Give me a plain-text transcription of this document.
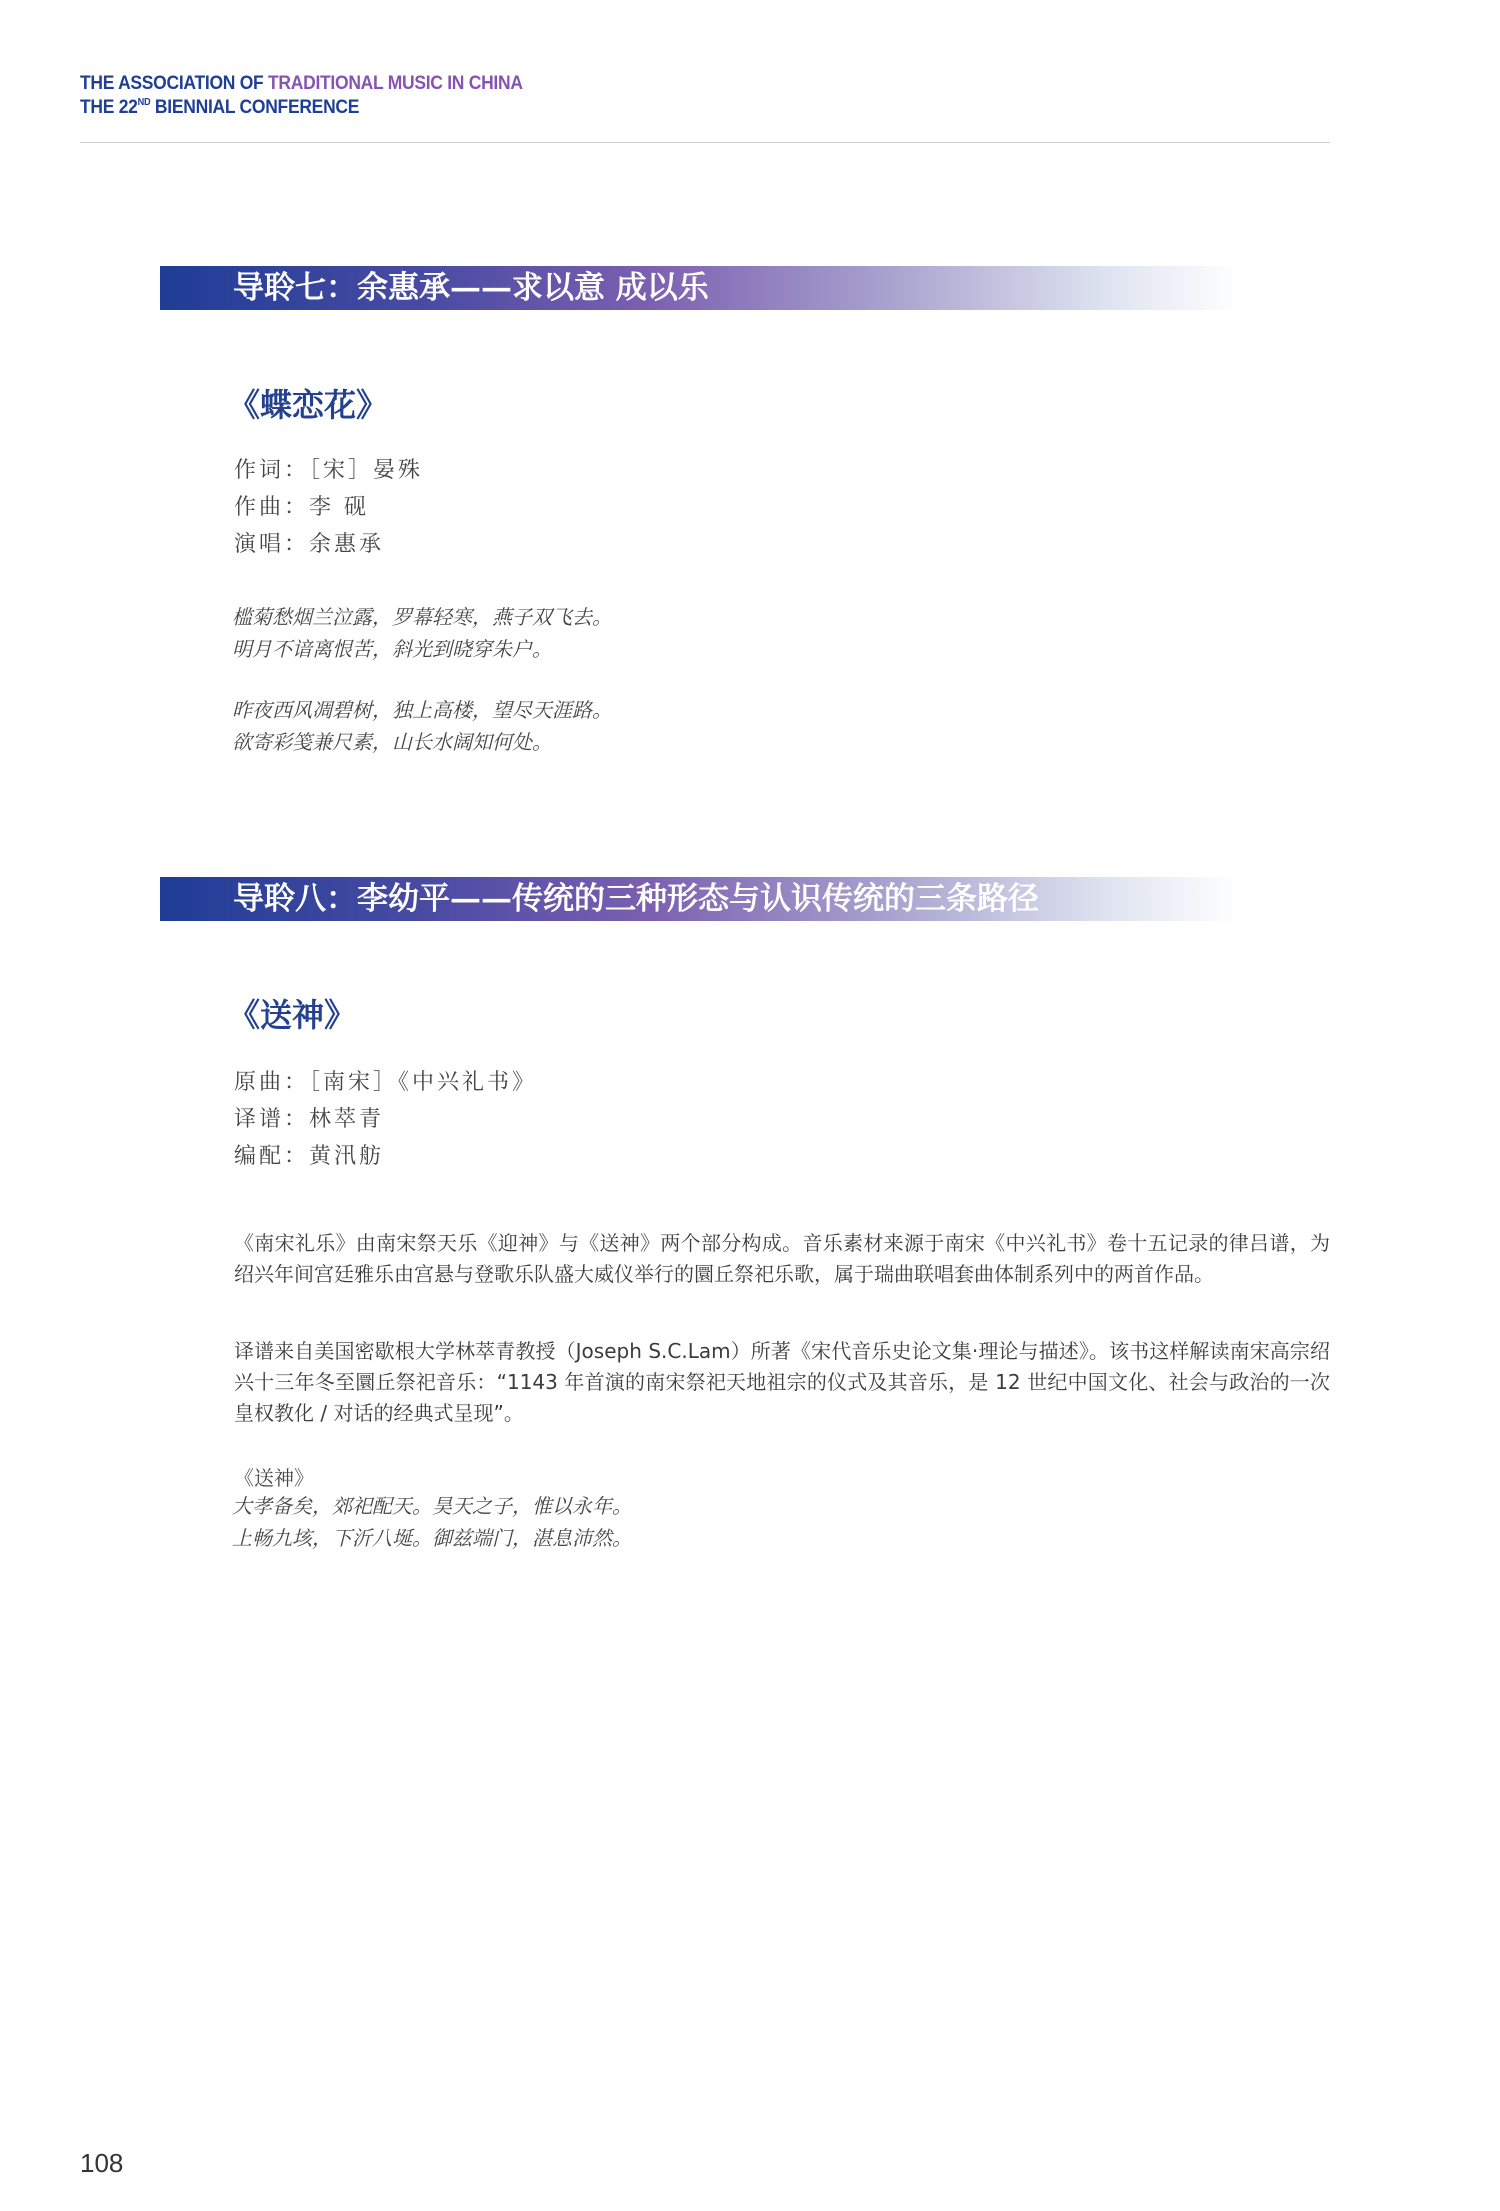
THE ASSOCIATION OF TRADITIONAL MUSIC IN CHINA
THE 22ND BIENNIAL CONFERENCE
导聆七：余惠承——求以意 成以乐
《蝶恋花》
作词：［宋］晏殊
作曲：李 砚
演唱：余惠承
槛菊愁烟兰泣露，罗幕轻寒，燕子双飞去。
明月不谙离恨苦，斜光到晓穿朱户。
昨夜西风凋碧树，独上高楼，望尽天涯路。
欲寄彩笺兼尺素，山长水阔知何处。
导聆八：李幼平——传统的三种形态与认识传统的三条路径
《送神》
原曲：［南宋］《中兴礼书》
译谱：林萃青
编配：黄汛舫

《南宋礼乐》由南宋祭天乐《迎神》与《送神》两个部分构成。音乐素材来源于南宋《中兴礼书》卷十五记录的律吕谱，为绍兴年间宫廷雅乐由宫悬与登歌乐队盛大威仪举行的圜丘祭祀乐歌，属于瑞曲联唱套曲体制系列中的两首作品。

译谱来自美国密歇根大学林萃青教授（Joseph S.C.Lam）所著《宋代音乐史论文集·理论与描述》。该书这样解读南宋高宗绍兴十三年冬至圜丘祭祀音乐：“1143 年首演的南宋祭祀天地祖宗的仪式及其音乐，是 12 世纪中国文化、社会与政治的一次皇权教化 / 对话的经典式呈现”。

《送神》
大孝备矣，郊祀配天。昊天之子，惟以永年。
上畅九垓，下沂八埏。御兹端门，湛息沛然。
108
